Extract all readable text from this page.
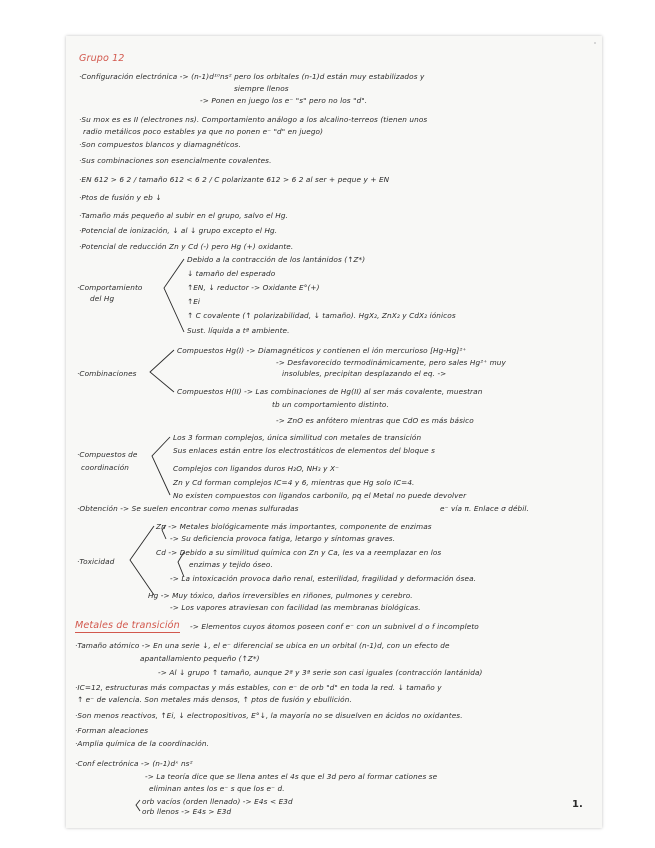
Grupo 12
·Configuración electrónica -> (n-1)d¹⁰ns² pero los orbitales (n-1)d están muy estabilizados y
siempre llenos
-> Ponen en juego los e⁻ "s" pero no los "d".
·Su mox es es II (electrones ns). Comportamiento análogo a los alcalino-terreos (tienen unos
radio metálicos poco estables ya que no ponen e⁻ "d" en juego)
·Son compuestos blancos y diamagnéticos.
·Sus combinaciones son esencialmente covalentes.
·EN 612 > 6 2 / tamaño 612 < 6 2 / C polarizante 612 > 6 2 al ser + peque y + EN
·Ptos de fusión y eb ↓
·Tamaño más pequeño al subir en el grupo, salvo el Hg.
·Potencial de ionización, ↓ al ↓ grupo excepto el Hg.
·Potencial de reducción Zn y Cd (-) pero Hg (+) oxidante.
Debido a la contracción de los lantánidos (↑Z*)
↓ tamaño del esperado
↑EN, ↓ reductor -> Oxidante E°(+)
↑Ei
↑ C covalente (↑ polarizabilidad, ↓ tamaño). HgX₂, ZnX₂ y CdX₂ iónicos
Sust. líquida a tª ambiente.
·Comportamiento
del Hg
Compuestos Hg(I) -> Diamagnéticos y contienen el ión mercurioso [Hg-Hg]²⁺
-> Desfavorecido termodinámicamente, pero sales Hg²⁺ muy
insolubles, precipitan desplazando el eq. ->
·Combinaciones
Compuestos H(II) -> Las combinaciones de Hg(II) al ser más covalente, muestran
tb un comportamiento distinto.
-> ZnO es anfótero mientras que CdO es más básico
Los 3 forman complejos, única similitud con metales de transición
Sus enlaces están entre los electrostáticos de elementos del bloque s
Complejos con ligandos duros H₂O, NH₃ y X⁻
Zn y Cd forman complejos IC=4 y 6, mientras que Hg solo IC=4.
No existen compuestos con ligandos carbonilo, pq el Metal no puede devolver
e⁻ vía π. Enlace σ débil.
·Compuestos de
coordinación
·Obtención -> Se suelen encontrar como menas sulfuradas
Zn -> Metales biológicamente más importantes, componente de enzimas
-> Su deficiencia provoca fatiga, letargo y síntomas graves.
Cd -> Debido a su similitud química con Zn y Ca, les va a reemplazar en los
enzimas y tejido óseo.
-> La intoxicación provoca daño renal, esterilidad, fragilidad y deformación ósea.
·Toxicidad
Hg -> Muy tóxico, daños irreversibles en riñones, pulmones y cerebro.
-> Los vapores atraviesan con facilidad las membranas biológicas.
Metales de transición -> Elementos cuyos átomos poseen conf e⁻ con un subnivel d o f incompleto
·Tamaño atómico -> En una serie ↓, el e⁻ diferencial se ubica en un orbital (n-1)d, con un efecto de
apantallamiento pequeño (↑Z*)
-> Al ↓ grupo ↑ tamaño, aunque 2ª y 3ª serie son casi iguales (contracción lantánida)
·IC=12, estructuras más compactas y más estables, con e⁻ de orb "d" en toda la red. ↓ tamaño y
↑ e⁻ de valencia. Son metales más densos, ↑ ptos de fusión y ebullición.
·Son menos reactivos, ↑Ei, ↓ electropositivos, E°↓, la mayoría no se disuelven en ácidos no oxidantes.
·Forman aleaciones
·Amplia química de la coordinación.
·Conf electrónica -> (n-1)dˣ ns²
-> La teoría dice que se llena antes el 4s que el 3d pero al formar cationes se
eliminan antes los e⁻ s que los e⁻ d.
orb vacíos (orden llenado) -> E4s < E3d
orb llenos -> E4s > E3d
1.
